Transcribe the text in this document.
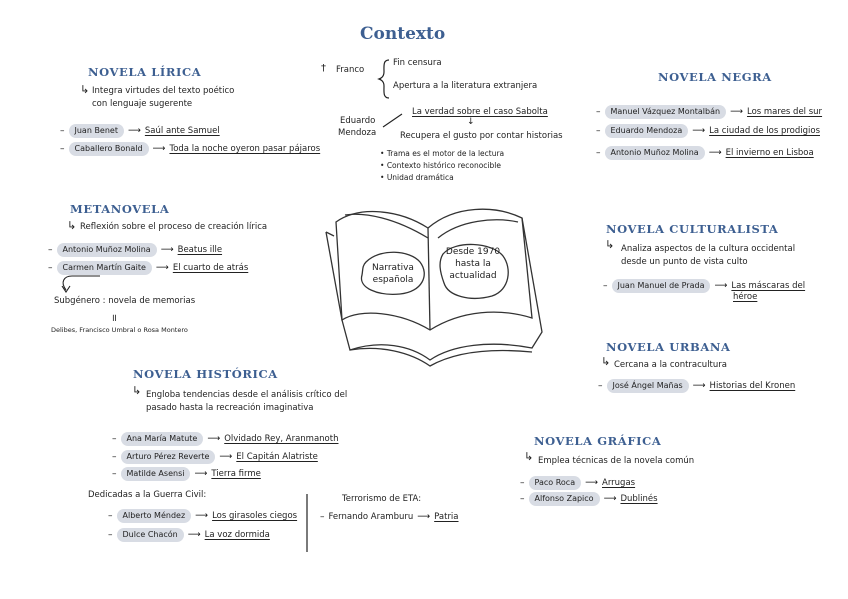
Contexto
Narrativa española
Desde 1970 hasta la actualidad
† Franco
Fin censura
Apertura a la literatura extranjera
Eduardo
Mendoza
La verdad sobre el caso Sabolta
↓
Recupera el gusto por contar historias
• Trama es el motor de la lectura
• Contexto histórico reconocible
• Unidad dramática
NOVELA LÍRICA
↳ Integra virtudes del texto poético
con lenguaje sugerente
–	Juan Benet	⟶ Saúl ante Samuel
–	Caballero Bonald	⟶ Toda la noche oyeron pasar pájaros
METANOVELA
↳ Reflexión sobre el proceso de creación lírica
–	Antonio Muñoz Molina	⟶ Beatus ille
–	Carmen Martín Gaite	⟶ El cuarto de atrás
Subgénero : novela de memorias
॥
Delibes, Francisco Umbral o Rosa Montero
NOVELA HISTÓRICA
↳ Engloba tendencias desde el análisis crítico del
pasado hasta la recreación imaginativa
–	Ana María Matute	⟶ Olvidado Rey, Aranmanoth
–	Arturo Pérez Reverte	⟶ El Capitán Alatriste
–	Matilde Asensi	⟶ Tierra firme
Dedicadas a la Guerra Civil:
–	Alberto Méndez	⟶ Los girasoles ciegos
–	Dulce Chacón	⟶ La voz dormida
Terrorismo de ETA:
– Fernando Aramburu ⟶ Patria
NOVELA NEGRA
–	Manuel Vázquez Montalbán	⟶ Los mares del sur
–	Eduardo Mendoza	⟶ La ciudad de los prodigios
–	Antonio Muñoz Molina	⟶ El invierno en Lisboa
NOVELA CULTURALISTA
↳ Analiza aspectos de la cultura occidental
desde un punto de vista culto
–	Juan Manuel de Prada	⟶ Las máscaras del
héroe
NOVELA URBANA
↳ Cercana a la contracultura
–	José Ángel Mañas	⟶ Historias del Kronen
NOVELA GRÁFICA
↳ Emplea técnicas de la novela común
–	Paco Roca	⟶ Arrugas
–	Alfonso Zapico	⟶ Dublinés
